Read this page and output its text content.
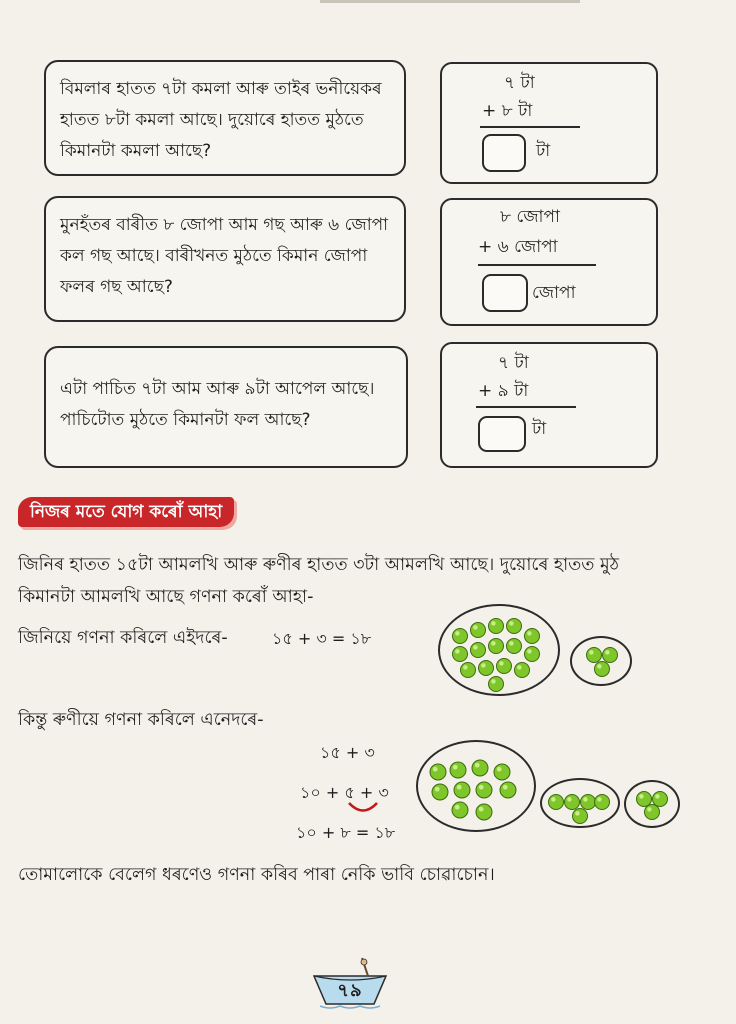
বিমলাৰ হাতত ৭টা কমলা আৰু তাইৰ ভনীয়েকৰ হাতত ৮টা কমলা আছে। দুয়োৰে হাতত মুঠতে কিমানটা কমলা আছে?
৭ টা
+ ৮ টা
টা
মুনহঁতৰ বাৰীত ৮ জোপা আম গছ আৰু ৬ জোপা কল গছ আছে। বাৰীখনত মুঠতে কিমান জোপা ফলৰ গছ আছে?
৮ জোপা
+ ৬ জোপা
জোপা
এটা পাচিত ৭টা আম আৰু ৯টা আপেল আছে। পাচিটোত মুঠতে কিমানটা ফল আছে?
৭ টা
+ ৯ টা
টা
নিজৰ মতে যোগ কৰোঁ আহা
জিনিৰ হাতত ১৫টা আমলখি আৰু ৰুণীৰ হাতত ৩টা আমলখি আছে। দুয়োৰে হাতত মুঠ
কিমানটা আমলখি আছে গণনা কৰোঁ আহা-
জিনিয়ে গণনা কৰিলে এইদৰে-	১৫ + ৩ = ১৮
কিন্তু ৰুণীয়ে গণনা কৰিলে এনেদৰে-
১৫ + ৩
১০ + ৫ + ৩
১০ + ৮ = ১৮
তোমালোকে বেলেগ ধৰণেও গণনা কৰিব পাৰা নেকি ভাবি চোৱাচোন।
৭৯
